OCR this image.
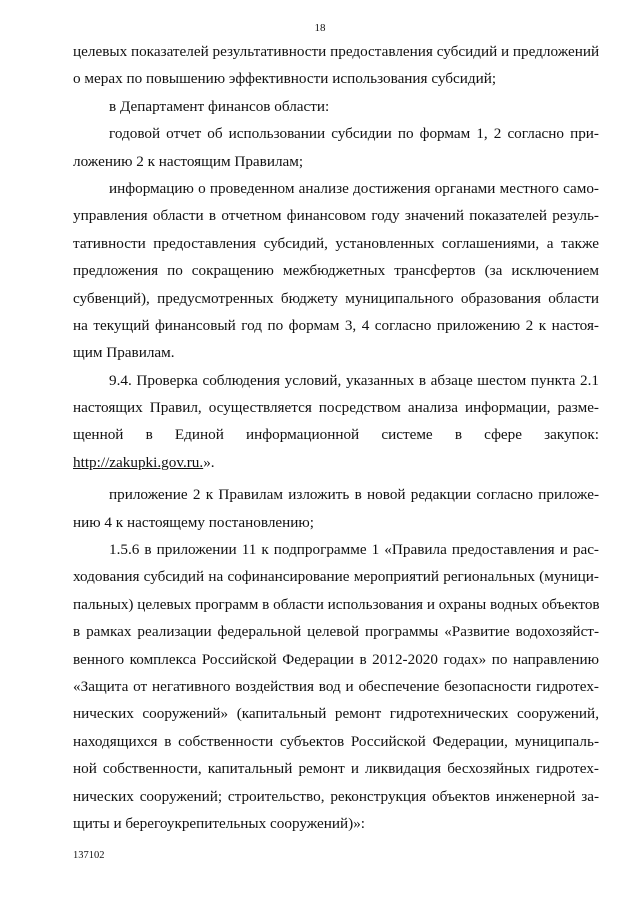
18
целевых показателей результативности предоставления субсидий и предложений
о мерах по повышению эффективности использования субсидий;
в Департамент финансов области:
годовой отчет об использовании субсидии по формам 1, 2 согласно при-
ложению 2 к настоящим Правилам;
информацию о проведенном анализе достижения органами местного само-
управления области в отчетном финансовом году значений показателей резуль-
тативности предоставления субсидий, установленных соглашениями, а также
предложения по сокращению межбюджетных трансфертов (за исключением
субвенций), предусмотренных бюджету муниципального образования области
на текущий финансовый год по формам 3, 4 согласно приложению 2 к настоя-
щим Правилам.
9.4. Проверка соблюдения условий, указанных в абзаце шестом пункта 2.1
настоящих Правил, осуществляется посредством анализа информации, разме-
щенной в Единой информационной системе в сфере закупок:
http://zakupki.gov.ru.».
приложение 2 к Правилам изложить в новой редакции согласно приложе-
нию 4 к настоящему постановлению;
1.5.6 в приложении 11 к подпрограмме 1 «Правила предоставления и рас-
ходования субсидий на софинансирование мероприятий региональных (муници-
пальных) целевых программ в области использования и охраны водных объектов
в рамках реализации федеральной целевой программы «Развитие водохозяйст-
венного комплекса Российской Федерации в 2012-2020 годах» по направлению
«Защита от негативного воздействия вод и обеспечение безопасности гидротех-
нических сооружений» (капитальный ремонт гидротехнических сооружений,
находящихся в собственности субъектов Российской Федерации, муниципаль-
ной собственности, капитальный ремонт и ликвидация бесхозяйных гидротех-
нических сооружений; строительство, реконструкция объектов инженерной за-
щиты и берегоукрепительных сооружений)»:
137102
